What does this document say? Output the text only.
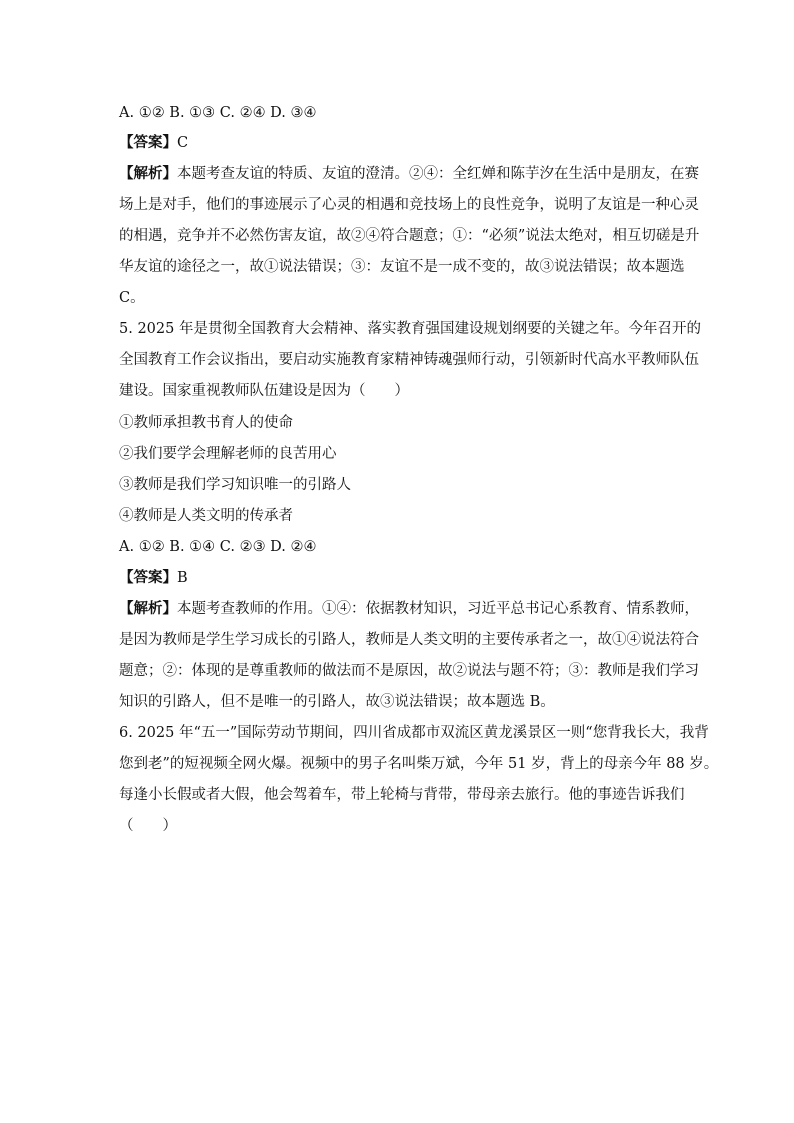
A. ①② B. ①③ C. ②④ D. ③④
【答案】C
【解析】本题考查友谊的特质、友谊的澄清。②④：全红婵和陈芋汐在生活中是朋友，在赛
场上是对手，他们的事迹展示了心灵的相遇和竞技场上的良性竞争，说明了友谊是一种心灵
的相遇，竞争并不必然伤害友谊，故②④符合题意；①：“必须”说法太绝对，相互切磋是升
华友谊的途径之一，故①说法错误；③：友谊不是一成不变的，故③说法错误；故本题选
C。
5. 2025 年是贯彻全国教育大会精神、落实教育强国建设规划纲要的关键之年。今年召开的
全国教育工作会议指出，要启动实施教育家精神铸魂强师行动，引领新时代高水平教师队伍
建设。国家重视教师队伍建设是因为（　　）
①教师承担教书育人的使命
②我们要学会理解老师的良苦用心
③教师是我们学习知识唯一的引路人
④教师是人类文明的传承者
A. ①② B. ①④ C. ②③ D. ②④
【答案】B
【解析】本题考查教师的作用。①④：依据教材知识，习近平总书记心系教育、情系教师，
是因为教师是学生学习成长的引路人，教师是人类文明的主要传承者之一，故①④说法符合
题意；②：体现的是尊重教师的做法而不是原因，故②说法与题不符；③：教师是我们学习
知识的引路人，但不是唯一的引路人，故③说法错误；故本题选 B。
6. 2025 年“五一”国际劳动节期间，四川省成都市双流区黄龙溪景区一则“您背我长大，我背
您到老”的短视频全网火爆。视频中的男子名叫柴万斌，今年 51 岁，背上的母亲今年 88 岁。
每逢小长假或者大假，他会驾着车，带上轮椅与背带，带母亲去旅行。他的事迹告诉我们
（　　）
